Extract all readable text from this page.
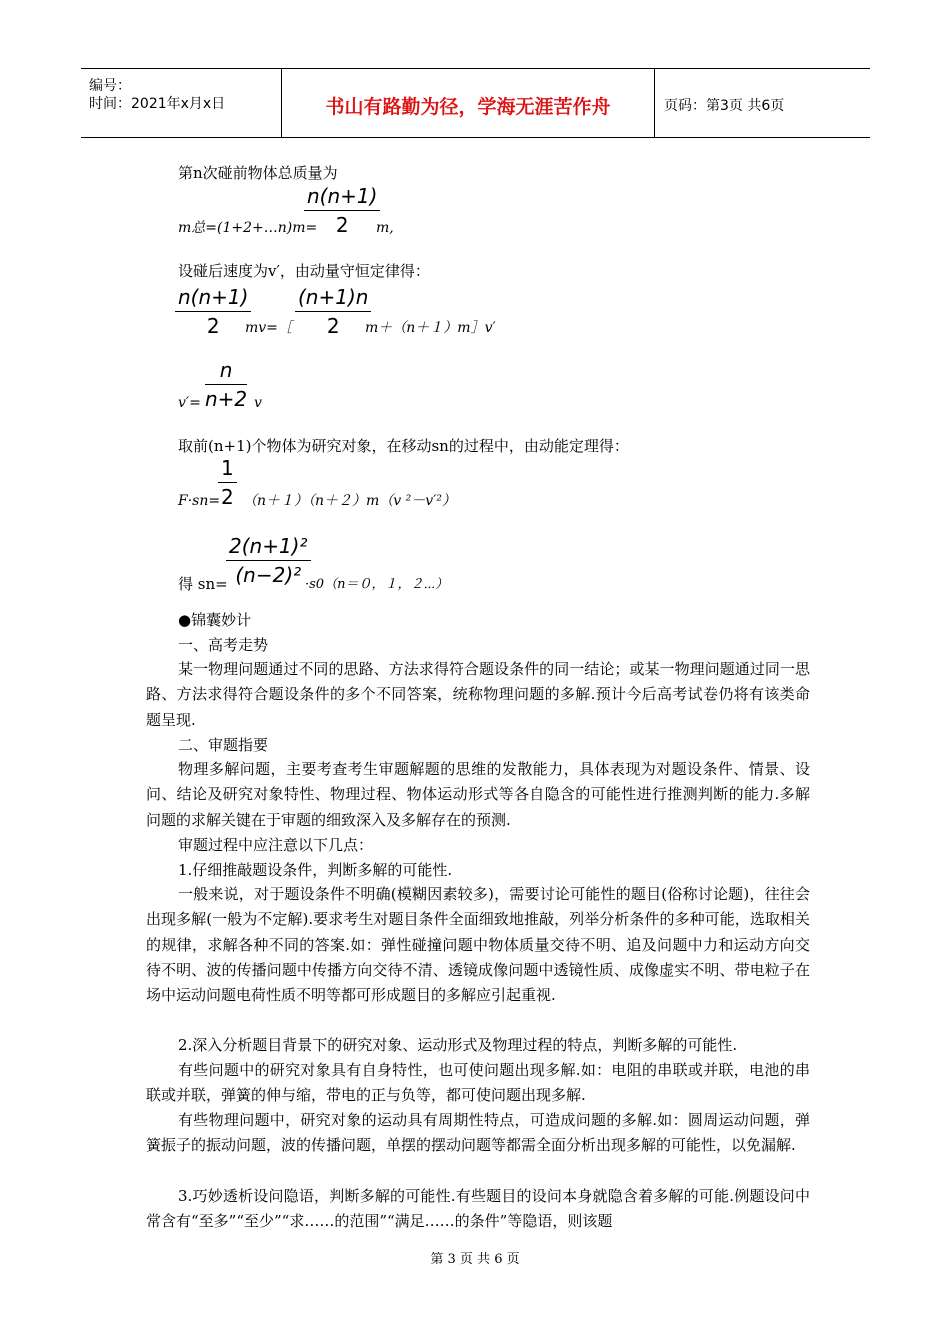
编号：
时间：2021年x月x日	书山有路勤为径，学海无涯苦作舟	页码：第3页 共6页
第n次碰前物体总质量为
$\frac{n(n+1)}{2}$
m总=(1+2+…n)m=	m,
设碰后速度为v′，由动量守恒定律得：
$\frac{n(n+1)}{2}$
mv=［ $\frac{(n+1)n}{2}$
m＋（n＋１）m］v′
$v'= \frac{n}{n+2}$ v
取前(n+1)个物体为研究对象，在移动sn的过程中，由动能定理得：
$\frac{1}{2}$
F·sn= （n＋１）（n＋２）m（v ²－v′²）
得 sn=
$\frac{\text{2(n+1)²}}{\text{(n−2)²}}$
·s0（n＝０，１，２⋯）
●锦囊妙计
一、高考走势
某一物理问题通过不同的思路、方法求得符合题设条件的同一结论；或某一物理问题通过同一思路、方法求得符合题设条件的多个不同答案，统称物理问题的多解.预计今后高考试卷仍将有该类命题呈现.
二、审题指要
物理多解问题，主要考查考生审题解题的思维的发散能力，具体表现为对题设条件、情景、设问、结论及研究对象特性、物理过程、物体运动形式等各自隐含的可能性进行推测判断的能力.多解问题的求解关键在于审题的细致深入及多解存在的预测.
审题过程中应注意以下几点：
1.仔细推敲题设条件，判断多解的可能性.
一般来说，对于题设条件不明确(模糊因素较多)，需要讨论可能性的题目(俗称讨论题)，往往会出现多解(一般为不定解).要求考生对题目条件全面细致地推敲，列举分析条件的多种可能，选取相关的规律，求解各种不同的答案.如：弹性碰撞问题中物体质量交待不明、追及问题中力和运动方向交待不明、波的传播问题中传播方向交待不清、透镜成像问题中透镜性质、成像虚实不明、带电粒子在场中运动问题电荷性质不明等都可形成题目的多解应引起重视.
2.深入分析题目背景下的研究对象、运动形式及物理过程的特点，判断多解的可能性.
有些问题中的研究对象具有自身特性，也可使问题出现多解.如：电阻的串联或并联，电池的串联或并联，弹簧的伸与缩，带电的正与负等，都可使问题出现多解.
有些物理问题中，研究对象的运动具有周期性特点，可造成问题的多解.如：圆周运动问题，弹簧振子的振动问题，波的传播问题，单摆的摆动问题等都需全面分析出现多解的可能性，以免漏解.
3.巧妙透析设问隐语，判断多解的可能性.有些题目的设问本身就隐含着多解的可能.例题设问中常含有“至多”“至少”“求……的范围”“满足……的条件”等隐语，则该题
第 3 页 共 6 页
